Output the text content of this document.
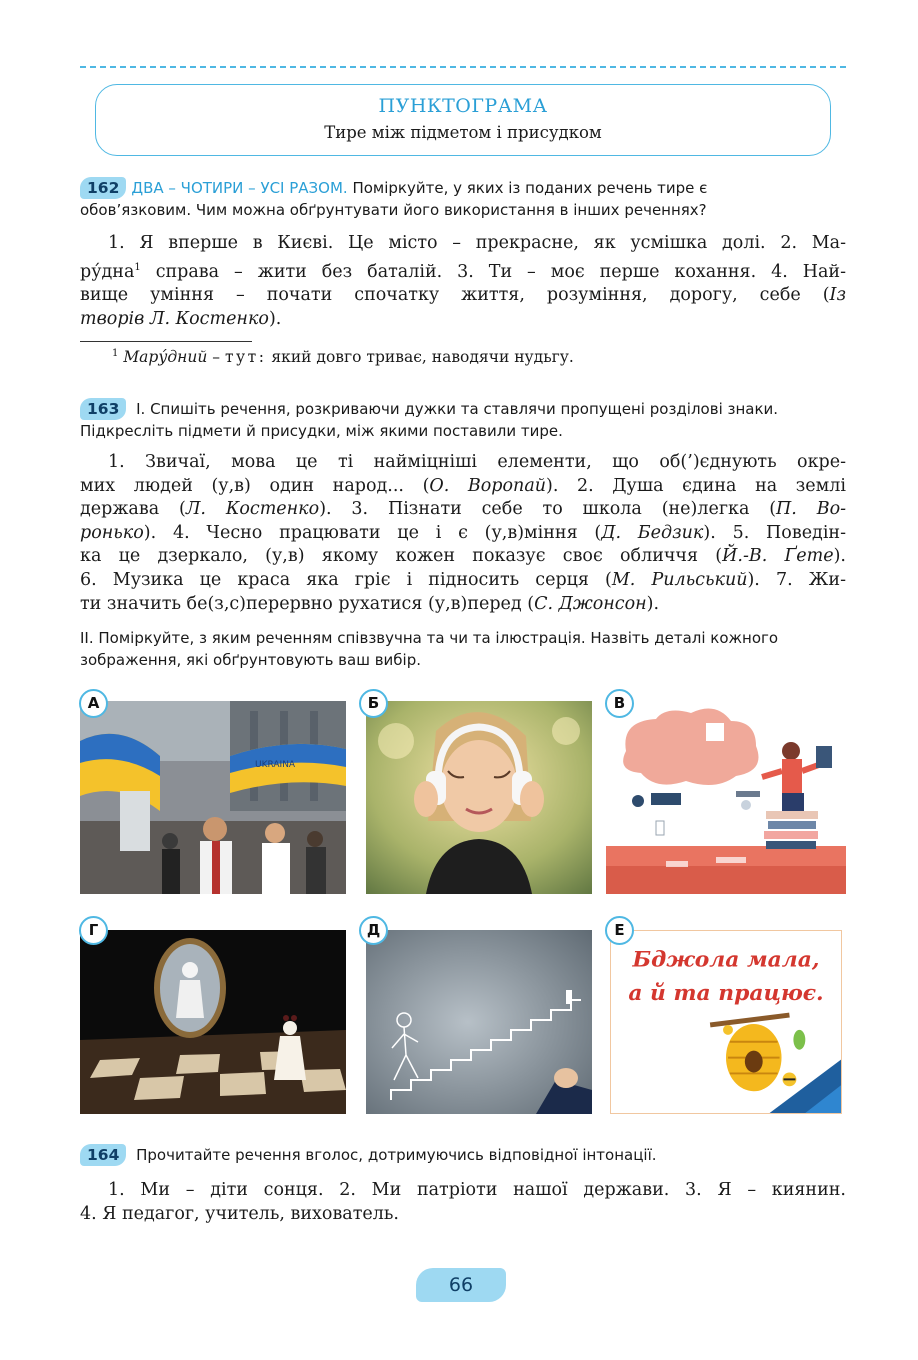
ПУНКТОГРАМА
Тире між підметом і присудком
162 ДВА – ЧОТИРИ – УСІ РАЗОМ. Поміркуйте, у яких із поданих речень тире є
обов’язковим. Чим можна обґрунтувати його використання в інших реченнях?
1. Я вперше в Києві. Це місто – прекрасне, як усмішка долі. 2. Ма-
ру́дна$^1$ справа – жити без баталій. 3. Ти – моє перше кохання. 4. Най-
вище уміння – почати спочатку життя, розуміння, дорогу, себе (Із
творів Л. Костенко).
$^1$ Мару́дний – тут: який довго триває, наводячи нудьгу.
163 І. Спишіть речення, розкриваючи дужки та ставлячи пропущені розділові знаки.
Підкресліть підмети й присудки, між якими поставили тире.
1. Звичаї, мова це ті найміцніші елементи, що об(’)єднують окре-
мих людей (у,в) один народ... (О. Воропай). 2. Душа єдина на землі
держава (Л. Костенко). 3. Пізнати себе то школа (не)легка (П. Во-
ронько). 4. Чесно працювати це і є (у,в)міння (Д. Бедзик). 5. Поведін-
ка це дзеркало, (у,в) якому кожен показує своє обличчя (Й.-В. Ґете).
6. Музика це краса яка гріє і підносить серця (М. Рильський). 7. Жи-
ти значить бе(з,с)перервно рухатися (у,в)перед (С. Джонсон).
ІІ. Поміркуйте, з яким реченням співзвучна та чи та ілюстрація. Назвіть деталі кожного
зображення, які обґрунтовують ваш вибір.
UKRAINA
А	Б	В
Г	Д
Бджола мала,
а й та працює.
Е
164 Прочитайте речення вголос, дотримуючись відповідної інтонації.
1. Ми – діти сонця. 2. Ми патріоти нашої держави. 3. Я – киянин.
4. Я педагог, учитель, вихователь.
66
